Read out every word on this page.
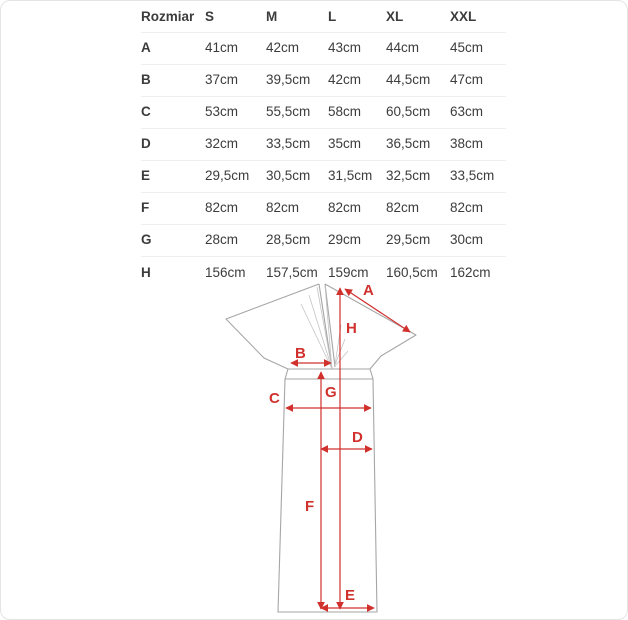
Rozmiar	S	M	L	XL	XXL
A	41cm	42cm	43cm	44cm	45cm
B	37cm	39,5cm	42cm	44,5cm	47cm
C	53cm	55,5cm	58cm	60,5cm	63cm
D	32cm	33,5cm	35cm	36,5cm	38cm
E	29,5cm	30,5cm	31,5cm	32,5cm	33,5cm
F	82cm	82cm	82cm	82cm	82cm
G	28cm	28,5cm	29cm	29,5cm	30cm
H	156cm	157,5cm	159cm	160,5cm	162cm
A
H
B
C	G
D
F
E
